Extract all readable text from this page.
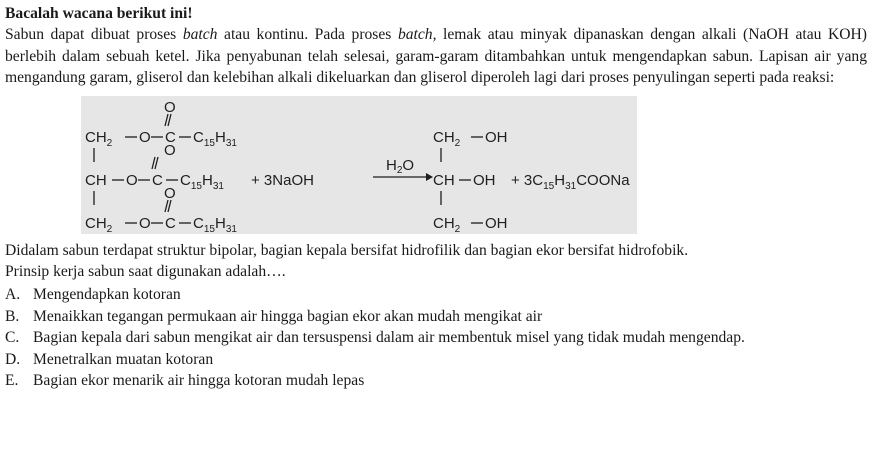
Bacalah wacana berikut ini!

Sabun dapat dibuat proses batch atau kontinu. Pada proses batch, lemak atau minyak dipanaskan dengan alkali (NaOH atau KOH) berlebih dalam sebuah ketel. Jika penyabunan telah selesai, garam-garam ditambahkan untuk mengendapkan sabun. Lapisan air yang mengandung garam, gliserol dan kelebihan alkali dikeluarkan dan gliserol diperoleh lagi dari proses penyulingan seperti pada reaksi:

$CH_2$ O C
O
$C_{15}H_{31}$
CH O C
O
$C_{15}H_{31}$ + 3NaOH
$H_2O$
$CH_2$ O C
O
$C_{15}H_{31}$
$CH_2$ OH
CH OH + $3C_{15}H_{31}COONa$
$CH_2$ OH

Didalam sabun terdapat struktur bipolar, bagian kepala bersifat hidrofilik dan bagian ekor bersifat hidrofobik.

Prinsip kerja sabun saat digunakan adalah….

A. Mengendapkan kotoran
B. Menaikkan tegangan permukaan air hingga bagian ekor akan mudah mengikat air
C. Bagian kepala dari sabun mengikat air dan tersuspensi dalam air membentuk misel yang tidak mudah mengendap.
D. Menetralkan muatan kotoran
E. Bagian ekor menarik air hingga kotoran mudah lepas
